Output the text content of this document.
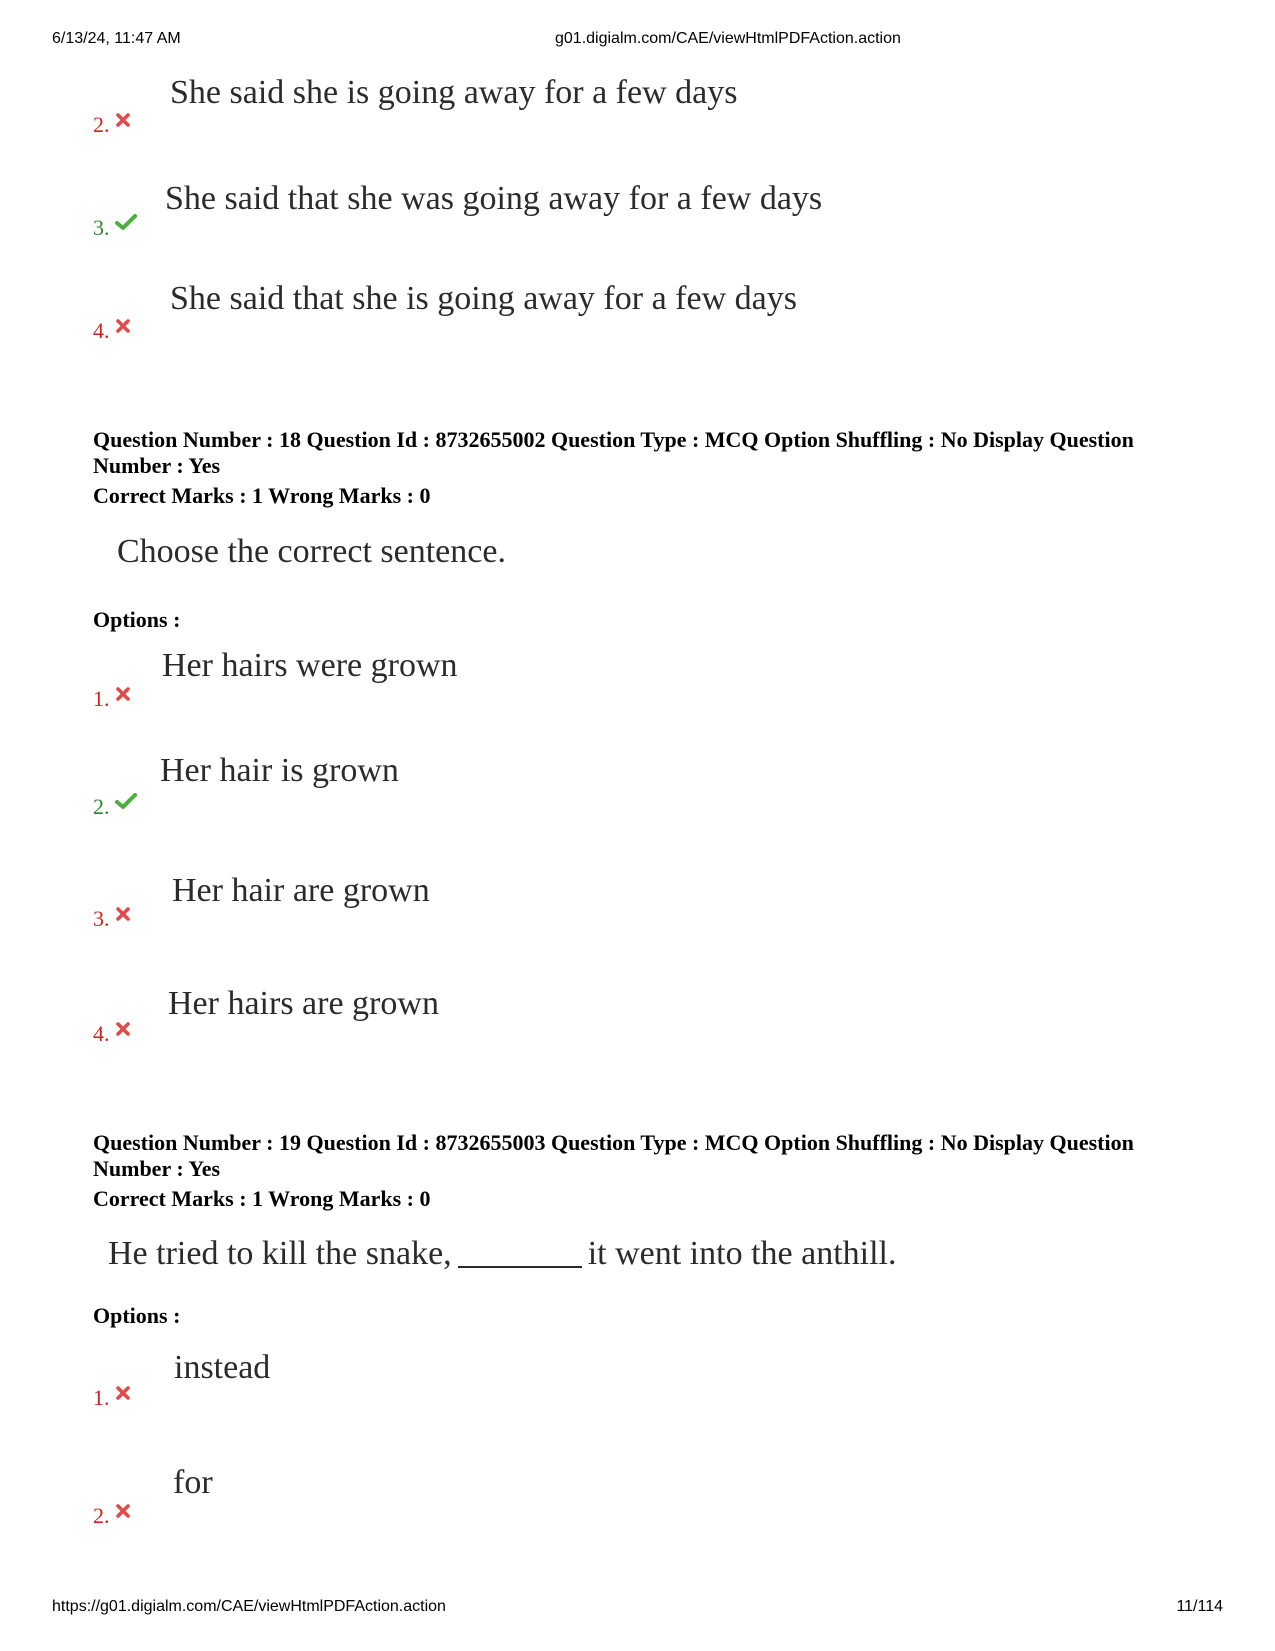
6/13/24, 11:47 AM	g01.digialm.com/CAE/viewHtmlPDFAction.action
She said she is going away for a few days
2.
She said that she was going away for a few days
3.
She said that she is going away for a few days
4.
Question Number : 18 Question Id : 8732655002 Question Type : MCQ Option Shuffling : No Display Question Number : Yes
Correct Marks : 1 Wrong Marks : 0
Choose the correct sentence.
Options :
Her hairs were grown
1.
Her hair is grown
2.
Her hair are grown
3.
Her hairs are grown
4.
Question Number : 19 Question Id : 8732655003 Question Type : MCQ Option Shuffling : No Display Question Number : Yes
Correct Marks : 1 Wrong Marks : 0
He tried to kill the snake,	it went into the anthill.
Options :
instead
1.
for
2.
https://g01.digialm.com/CAE/viewHtmlPDFAction.action	11/114
